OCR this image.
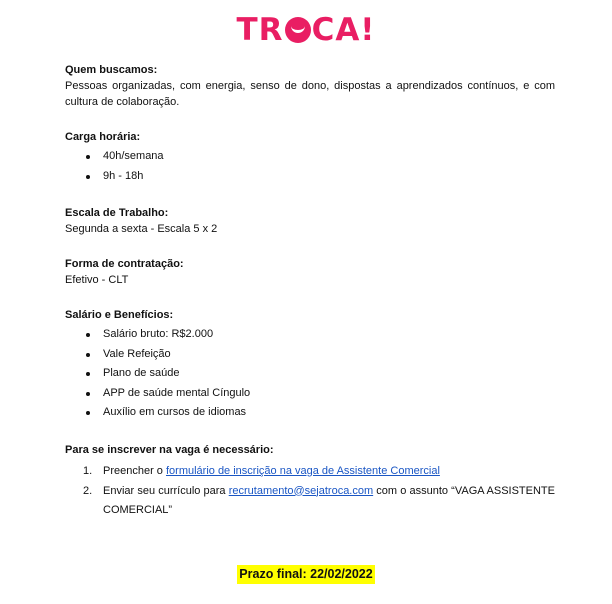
TR CA!
Quem buscamos:
Pessoas organizadas, com energia, senso de dono, dispostas a aprendizados contínuos, e com cultura de colaboração.
Carga horária:
40h/semana
9h - 18h
Escala de Trabalho:
Segunda a sexta - Escala 5 x 2
Forma de contratação:
Efetivo - CLT
Salário e Benefícios:
Salário bruto: R$2.000
Vale Refeição
Plano de saúde
APP de saúde mental Cíngulo
Auxílio em cursos de idiomas
Para se inscrever na vaga é necessário:
1. Preencher o formulário de inscrição na vaga de Assistente Comercial
2. Enviar seu currículo para recrutamento@sejatroca.com com o assunto “VAGA ASSISTENTE COMERCIAL”
Prazo final: 22/02/2022
